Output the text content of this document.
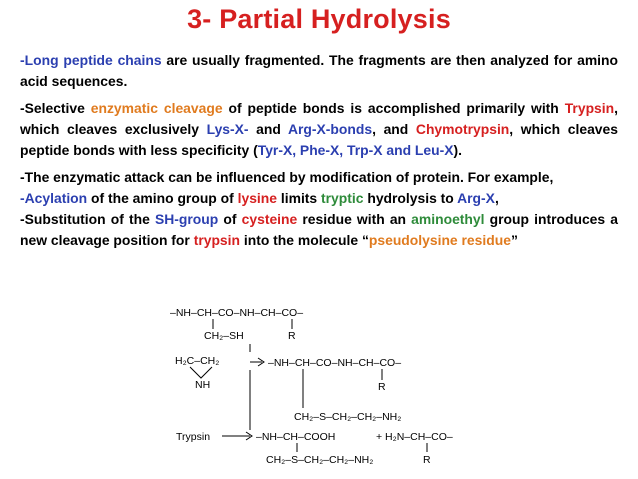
3- Partial Hydrolysis

-Long peptide chains are usually fragmented. The fragments are then analyzed for amino acid sequences.

-Selective enzymatic cleavage of peptide bonds is accomplished primarily with Trypsin, which cleaves exclusively Lys-X- and Arg-X-bonds, and Chymotrypsin, which cleaves peptide bonds with less specificity (Tyr-X, Phe-X, Trp-X and Leu-X).

-The enzymatic attack can be influenced by modification of protein. For example,
-Acylation of the amino group of lysine limits tryptic hydrolysis to Arg-X,
-Substitution of the SH-group of cysteine residue with an aminoethyl group introduces a new cleavage position for trypsin into the molecule “pseudolysine residue”

–NH–CH–CO–NH–CH–CO–
CH₂–SH	R
H₂C–CH₂
NH
–NH–CH–CO–NH–CH–CO–
R
CH₂–S–CH₂–CH₂–NH₂
Trypsin	–NH–CH–COOH
CH₂–S–CH₂–CH₂–NH₂
+ H₂N–CH–CO–
R
